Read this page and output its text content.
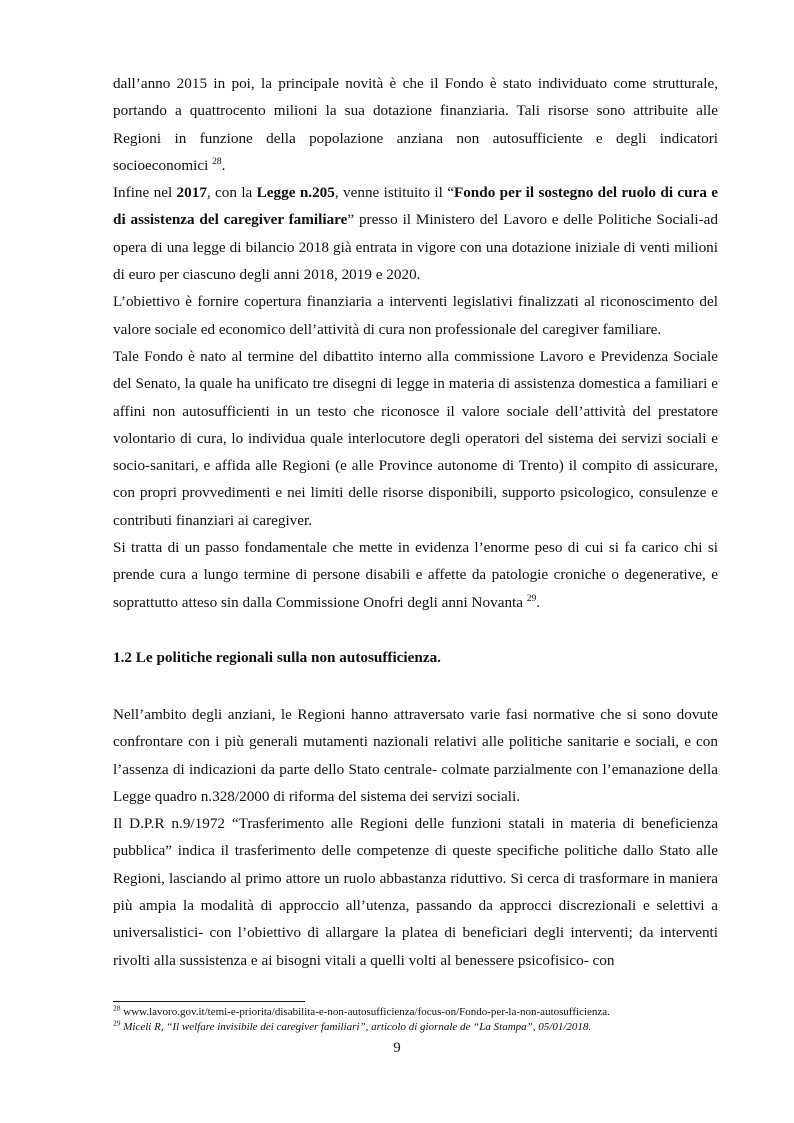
dall’anno 2015 in poi, la principale novità è che il Fondo è stato individuato come strutturale, portando a quattrocento milioni la sua dotazione finanziaria. Tali risorse sono attribuite alle Regioni in funzione della popolazione anziana non autosufficiente e degli indicatori socioeconomici $^{28}$.

Infine nel 2017, con la Legge n.205, venne istituito il “Fondo per il sostegno del ruolo di cura e di assistenza del caregiver familiare” presso il Ministero del Lavoro e delle Politiche Sociali-ad opera di una legge di bilancio 2018 già entrata in vigore con una dotazione iniziale di venti milioni di euro per ciascuno degli anni 2018, 2019 e 2020.

L’obiettivo è fornire copertura finanziaria a interventi legislativi finalizzati al riconoscimento del valore sociale ed economico dell’attività di cura non professionale del caregiver familiare.

Tale Fondo è nato al termine del dibattito interno alla commissione Lavoro e Previdenza Sociale del Senato, la quale ha unificato tre disegni di legge in materia di assistenza domestica a familiari e affini non autosufficienti in un testo che riconosce il valore sociale dell’attività del prestatore volontario di cura, lo individua quale interlocutore degli operatori del sistema dei servizi sociali e socio-sanitari, e affida alle Regioni (e alle Province autonome di Trento) il compito di assicurare, con propri provvedimenti e nei limiti delle risorse disponibili, supporto psicologico, consulenze e contributi finanziari ai caregiver.

Si tratta di un passo fondamentale che mette in evidenza l’enorme peso di cui si fa carico chi si prende cura a lungo termine di persone disabili e affette da patologie croniche o degenerative, e soprattutto atteso sin dalla Commissione Onofri degli anni Novanta $^{29}$.

1.2 Le politiche regionali sulla non autosufficienza.

Nell’ambito degli anziani, le Regioni hanno attraversato varie fasi normative che si sono dovute confrontare con i più generali mutamenti nazionali relativi alle politiche sanitarie e sociali, e con l’assenza di indicazioni da parte dello Stato centrale- colmate parzialmente con l’emanazione della Legge quadro n.328/2000 di riforma del sistema dei servizi sociali.

Il D.P.R n.9/1972 “Trasferimento alle Regioni delle funzioni statali in materia di beneficienza pubblica” indica il trasferimento delle competenze di queste specifiche politiche dallo Stato alle Regioni, lasciando al primo attore un ruolo abbastanza riduttivo. Si cerca di trasformare in maniera più ampia la modalità di approccio all’utenza, passando da approcci discrezionali e selettivi a universalistici- con l’obiettivo di allargare la platea di beneficiari degli interventi; da interventi rivolti alla sussistenza e ai bisogni vitali a quelli volti al benessere psicofisico- con

$^{28}$ www.lavoro.gov.it/temi-e-priorita/disabilita-e-non-autosufficienza/focus-on/Fondo-per-la-non-autosufficienza.
$^{29}$ Miceli R, “Il welfare invisibile dei caregiver familiari”, articolo di giornale de “La Stampa”, 05/01/2018.
9
